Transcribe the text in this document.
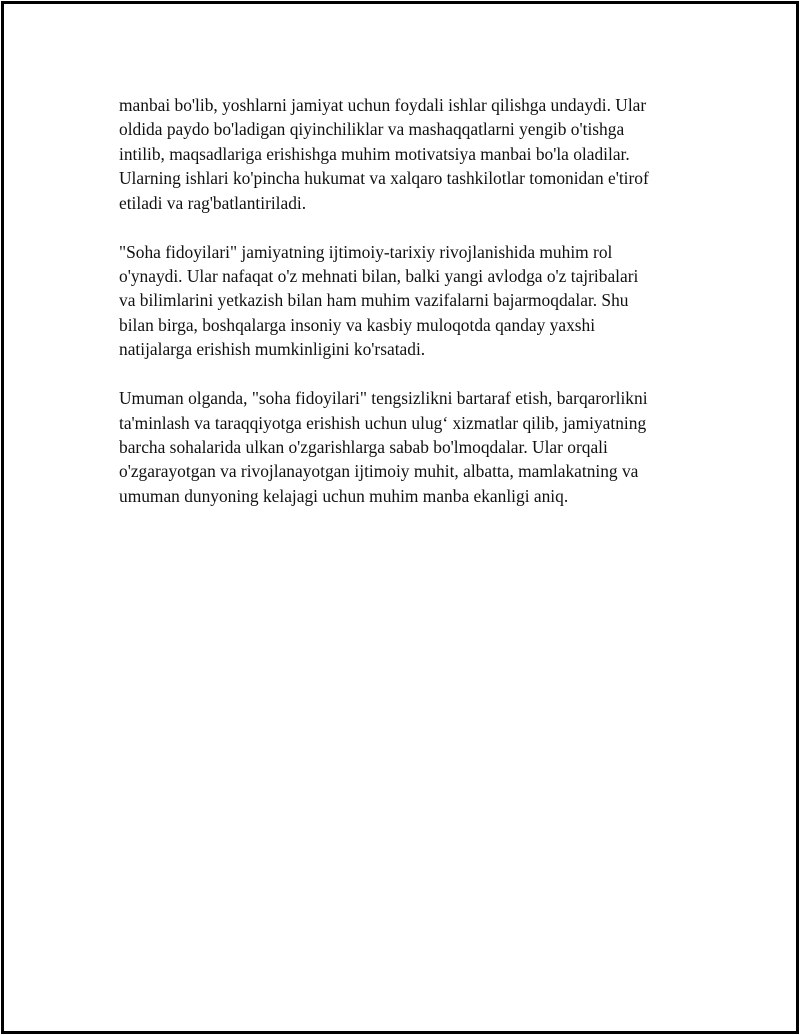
manbai bo'lib, yoshlarni jamiyat uchun foydali ishlar qilishga undaydi. Ular
oldida paydo bo'ladigan qiyinchiliklar va mashaqqatlarni yengib o'tishga
intilib, maqsadlariga erishishga muhim motivatsiya manbai bo'la oladilar.
Ularning ishlari ko'pincha hukumat va xalqaro tashkilotlar tomonidan e'tirof
etiladi va rag'batlantiriladi.

"Soha fidoyilari" jamiyatning ijtimoiy-tarixiy rivojlanishida muhim rol
o'ynaydi. Ular nafaqat o'z mehnati bilan, balki yangi avlodga o'z tajribalari
va bilimlarini yetkazish bilan ham muhim vazifalarni bajarmoqdalar. Shu
bilan birga, boshqalarga insoniy va kasbiy muloqotda qanday yaxshi
natijalarga erishish mumkinligini ko'rsatadi.

Umuman olganda, "soha fidoyilari" tengsizlikni bartaraf etish, barqarorlikni
ta'minlash va taraqqiyotga erishish uchun ulug‘ xizmatlar qilib, jamiyatning
barcha sohalarida ulkan o'zgarishlarga sabab bo'lmoqdalar. Ular orqali
o'zgarayotgan va rivojlanayotgan ijtimoiy muhit, albatta, mamlakatning va
umuman dunyoning kelajagi uchun muhim manba ekanligi aniq.
